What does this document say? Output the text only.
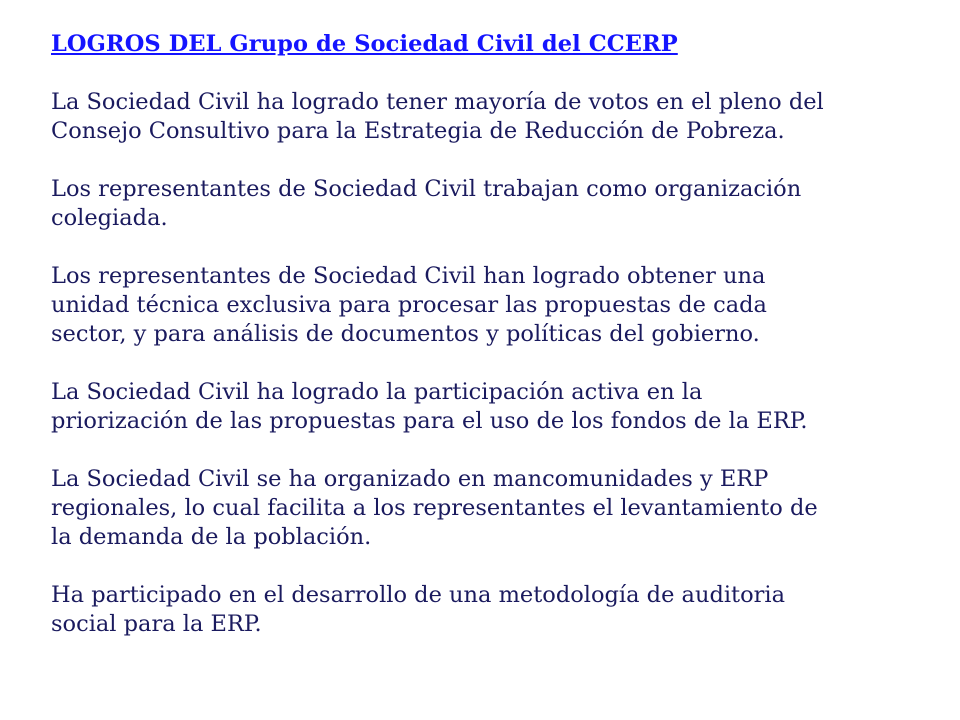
LOGROS DEL Grupo de Sociedad Civil del CCERP

La Sociedad Civil ha logrado tener mayoría de votos en el pleno del
Consejo Consultivo para la Estrategia de Reducción de Pobreza.

Los representantes de Sociedad Civil trabajan como organización
colegiada.

Los representantes de Sociedad Civil han logrado obtener una
unidad técnica exclusiva para procesar las propuestas de cada
sector, y para análisis de documentos y políticas del gobierno.

La Sociedad Civil ha logrado la participación activa en la
priorización de las propuestas para el uso de los fondos de la ERP.

La Sociedad Civil se ha organizado en mancomunidades y ERP
regionales, lo cual facilita a los representantes el levantamiento de
la demanda de la población.

Ha participado en el desarrollo de una metodología de auditoria
social para la ERP.
